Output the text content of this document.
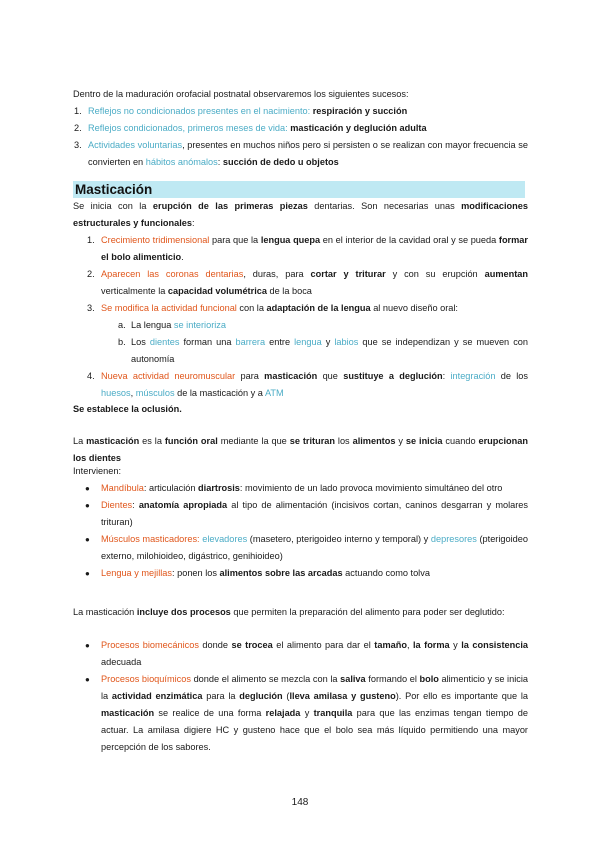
Dentro de la maduración orofacial postnatal observaremos los siguientes sucesos:
1. Reflejos no condicionados presentes en el nacimiento: respiración y succión
2. Reflejos condicionados, primeros meses de vida: masticación y deglución adulta
3. Actividades voluntarias, presentes en muchos niños pero si persisten o se realizan con mayor frecuencia se convierten en hábitos anómalos: succión de dedo u objetos
Masticación
Se inicia con la erupción de las primeras piezas dentarias. Son necesarias unas modificaciones estructurales y funcionales:
1. Crecimiento tridimensional para que la lengua quepa en el interior de la cavidad oral y se pueda formar el bolo alimenticio.
2. Aparecen las coronas dentarias, duras, para cortar y triturar y con su erupción aumentan verticalmente la capacidad volumétrica de la boca
3. Se modifica la actividad funcional con la adaptación de la lengua al nuevo diseño oral:
a. La lengua se interioriza
b. Los dientes forman una barrera entre lengua y labios que se independizan y se mueven con autonomía
4. Nueva actividad neuromuscular para masticación que sustituye a deglución: integración de los huesos, músculos de la masticación y a ATM
Se establece la oclusión.
La masticación es la función oral mediante la que se trituran los alimentos y se inicia cuando erupcionan los dientes
Intervienen:
● Mandíbula: articulación diartrosis: movimiento de un lado provoca movimiento simultáneo del otro
● Dientes: anatomía apropiada al tipo de alimentación (incisivos cortan, caninos desgarran y molares trituran)
● Músculos masticadores: elevadores (masetero, pterigoideo interno y temporal) y depresores (pterigoideo externo, milohioideo, digástrico, genihioideo)
● Lengua y mejillas: ponen los alimentos sobre las arcadas actuando como tolva
La masticación incluye dos procesos que permiten la preparación del alimento para poder ser deglutido:
● Procesos biomecánicos donde se trocea el alimento para dar el tamaño, la forma y la consistencia adecuada
● Procesos bioquímicos donde el alimento se mezcla con la saliva formando el bolo alimenticio y se inicia la actividad enzimática para la deglución (lleva amilasa y gusteno). Por ello es importante que la masticación se realice de una forma relajada y tranquila para que las enzimas tengan tiempo de actuar. La amilasa digiere HC y gusteno hace que el bolo sea más líquido permitiendo una mayor percepción de los sabores.
148
